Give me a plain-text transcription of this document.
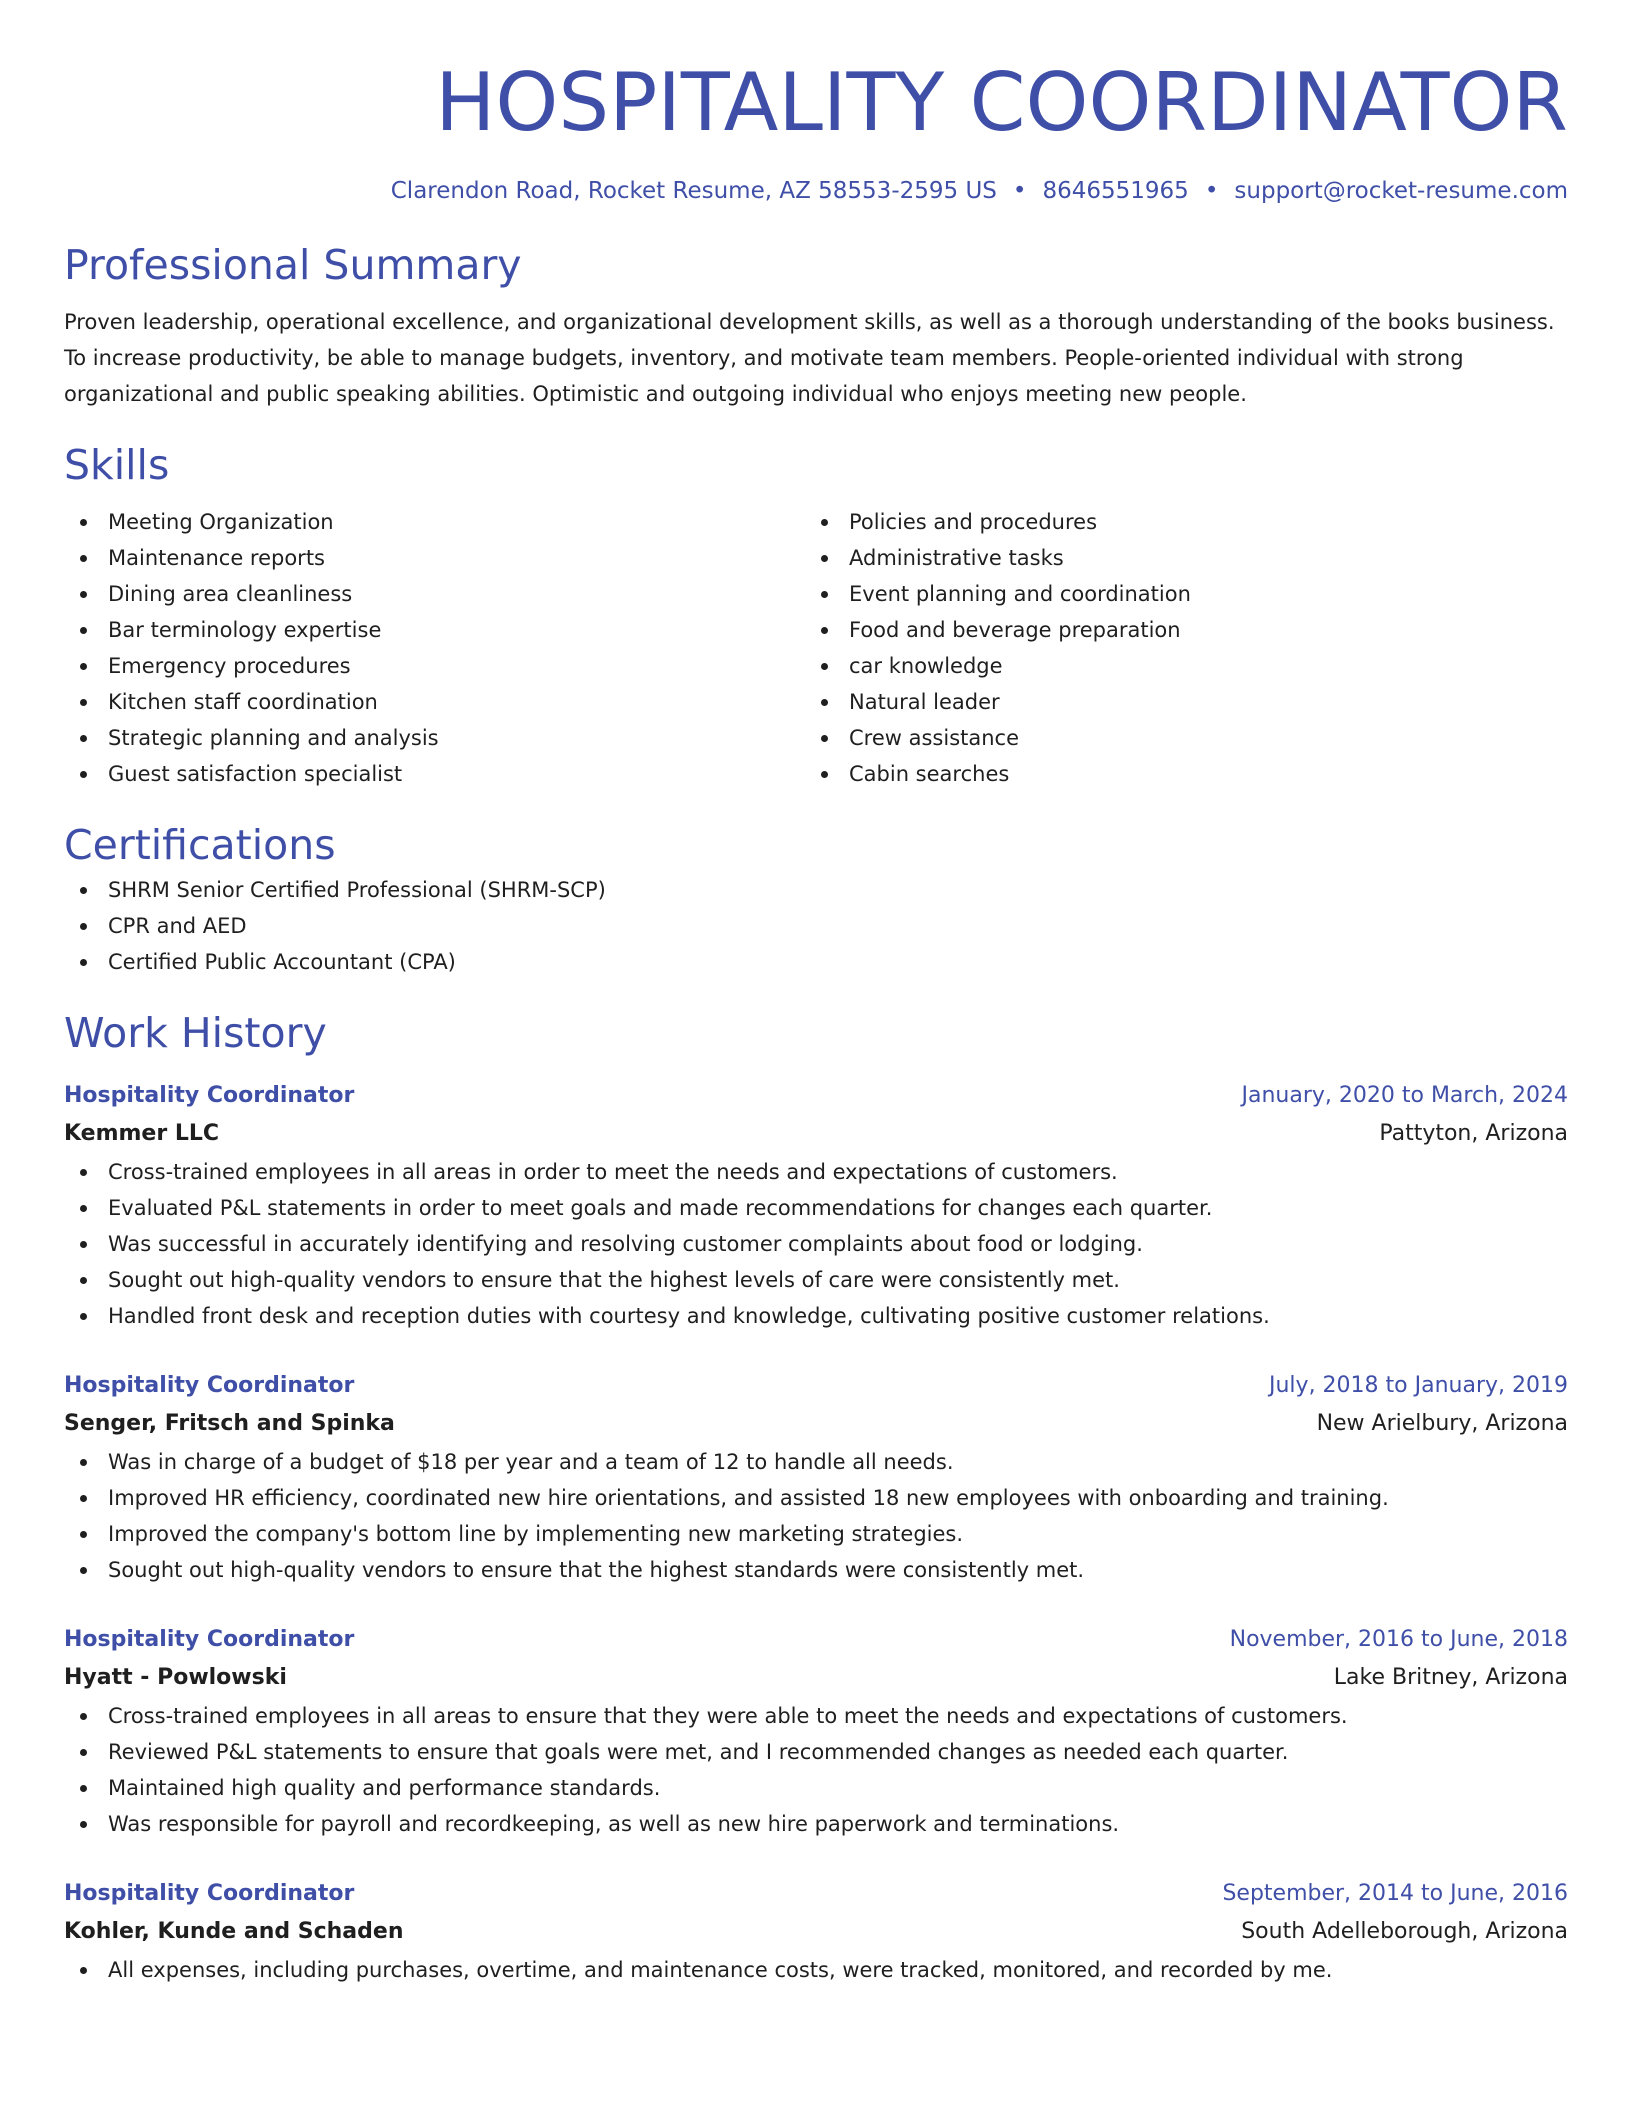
HOSPITALITY COORDINATOR
Clarendon Road, Rocket Resume, AZ 58553-2595 US • 8646551965 • support@rocket-resume.com
Professional Summary

Proven leadership, operational excellence, and organizational development skills, as well as a thorough understanding of the books business. To increase productivity, be able to manage budgets, inventory, and motivate team members. People-oriented individual with strong organizational and public speaking abilities. Optimistic and outgoing individual who enjoys meeting new people.

Skills
Meeting Organization
Maintenance reports
Dining area cleanliness
Bar terminology expertise
Emergency procedures
Kitchen staff coordination
Strategic planning and analysis
Guest satisfaction specialist
Policies and procedures
Administrative tasks
Event planning and coordination
Food and beverage preparation
car knowledge
Natural leader
Crew assistance
Cabin searches
Certifications
SHRM Senior Certified Professional (SHRM-SCP)
CPR and AED
Certified Public Accountant (CPA)
Work History
Hospitality Coordinator	January, 2020 to March, 2024
Kemmer LLC	Pattyton, Arizona
Cross-trained employees in all areas in order to meet the needs and expectations of customers.
Evaluated P&L statements in order to meet goals and made recommendations for changes each quarter.
Was successful in accurately identifying and resolving customer complaints about food or lodging.
Sought out high-quality vendors to ensure that the highest levels of care were consistently met.
Handled front desk and reception duties with courtesy and knowledge, cultivating positive customer relations.
Hospitality Coordinator	July, 2018 to January, 2019
Senger, Fritsch and Spinka	New Arielbury, Arizona
Was in charge of a budget of $18 per year and a team of 12 to handle all needs.
Improved HR efficiency, coordinated new hire orientations, and assisted 18 new employees with onboarding and training.
Improved the company's bottom line by implementing new marketing strategies.
Sought out high-quality vendors to ensure that the highest standards were consistently met.
Hospitality Coordinator	November, 2016 to June, 2018
Hyatt - Powlowski	Lake Britney, Arizona
Cross-trained employees in all areas to ensure that they were able to meet the needs and expectations of customers.
Reviewed P&L statements to ensure that goals were met, and I recommended changes as needed each quarter.
Maintained high quality and performance standards.
Was responsible for payroll and recordkeeping, as well as new hire paperwork and terminations.
Hospitality Coordinator	September, 2014 to June, 2016
Kohler, Kunde and Schaden	South Adelleborough, Arizona
All expenses, including purchases, overtime, and maintenance costs, were tracked, monitored, and recorded by me.
